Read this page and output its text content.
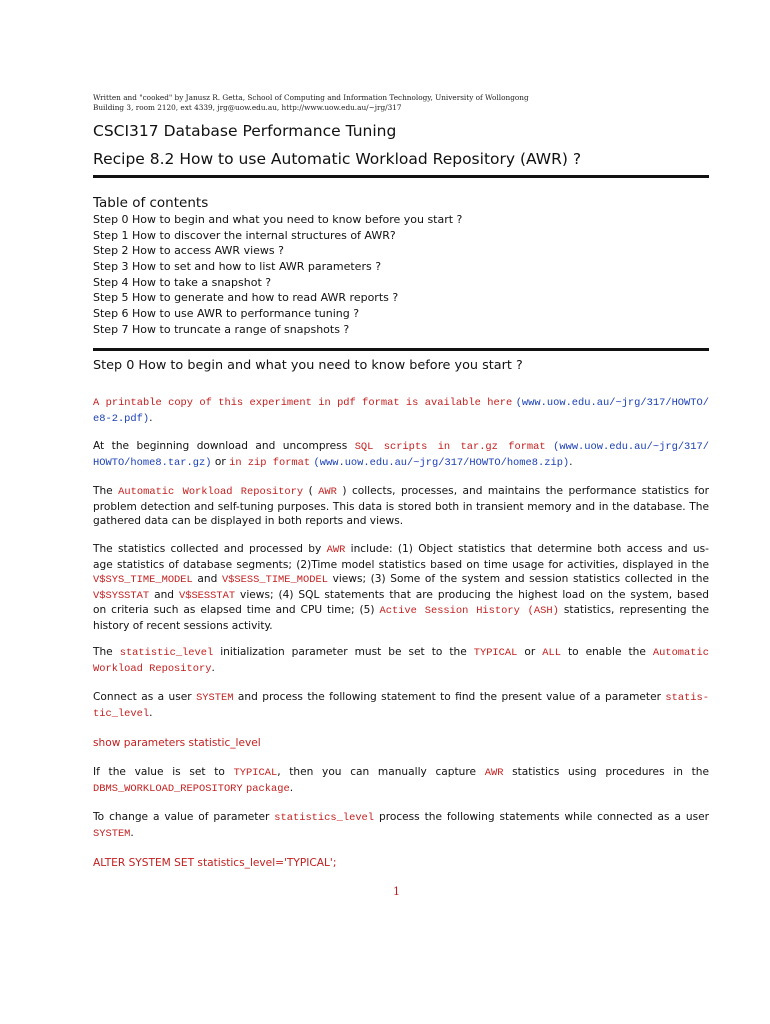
Written and "cooked" by Janusz R. Getta, School of Computing and Information Technology, University of Wollongong
Building 3, room 2120, ext 4339, jrg@uow.edu.au, http://www.uow.edu.au/~jrg/317
CSCI317 Database Performance Tuning
Recipe 8.2 How to use Automatic Workload Repository (AWR) ?
Table of contents
Step 0 How to begin and what you need to know before you start ?
Step 1 How to discover the internal structures of AWR?
Step 2 How to access AWR views ?
Step 3 How to set and how to list AWR parameters ?
Step 4 How to take a snapshot ?
Step 5 How to generate and how to read AWR reports ?
Step 6 How to use AWR to performance tuning ?
Step 7 How to truncate a range of snapshots ?
Step 0 How to begin and what you need to know before you start ?
A printable copy of this experiment in pdf format is available here (www.uow.edu.au/~jrg/317/HOWTO/
e8-2.pdf).
At the beginning download and uncompress SQL scripts in tar.gz format (www.uow.edu.au/~jrg/317/
HOWTO/home8.tar.gz) or in zip format (www.uow.edu.au/~jrg/317/HOWTO/home8.zip).
The Automatic Workload Repository ( AWR ) collects, processes, and maintains the performance statistics for
problem detection and self-tuning purposes. This data is stored both in transient memory and in the database. The
gathered data can be displayed in both reports and views.
The statistics collected and processed by AWR include: (1) Object statistics that determine both access and us-
age statistics of database segments; (2)Time model statistics based on time usage for activities, displayed in the
V$SYS_TIME_MODEL and V$SESS_TIME_MODEL views; (3) Some of the system and session statistics collected in the
V$SYSSTAT and V$SESSTAT views; (4) SQL statements that are producing the highest load on the system, based
on criteria such as elapsed time and CPU time; (5) Active Session History (ASH) statistics, representing the
history of recent sessions activity.
The statistic_level initialization parameter must be set to the TYPICAL or ALL to enable the Automatic
Workload Repository.
Connect as a user SYSTEM and process the following statement to find the present value of a parameter statis-
tic_level.
show parameters statistic_level
If the value is set to TYPICAL, then you can manually capture AWR statistics using procedures in the
DBMS_WORKLOAD_REPOSITORY package.
To change a value of parameter statistics_level process the following statements while connected as a user
SYSTEM.
ALTER SYSTEM SET statistics_level='TYPICAL';
1
